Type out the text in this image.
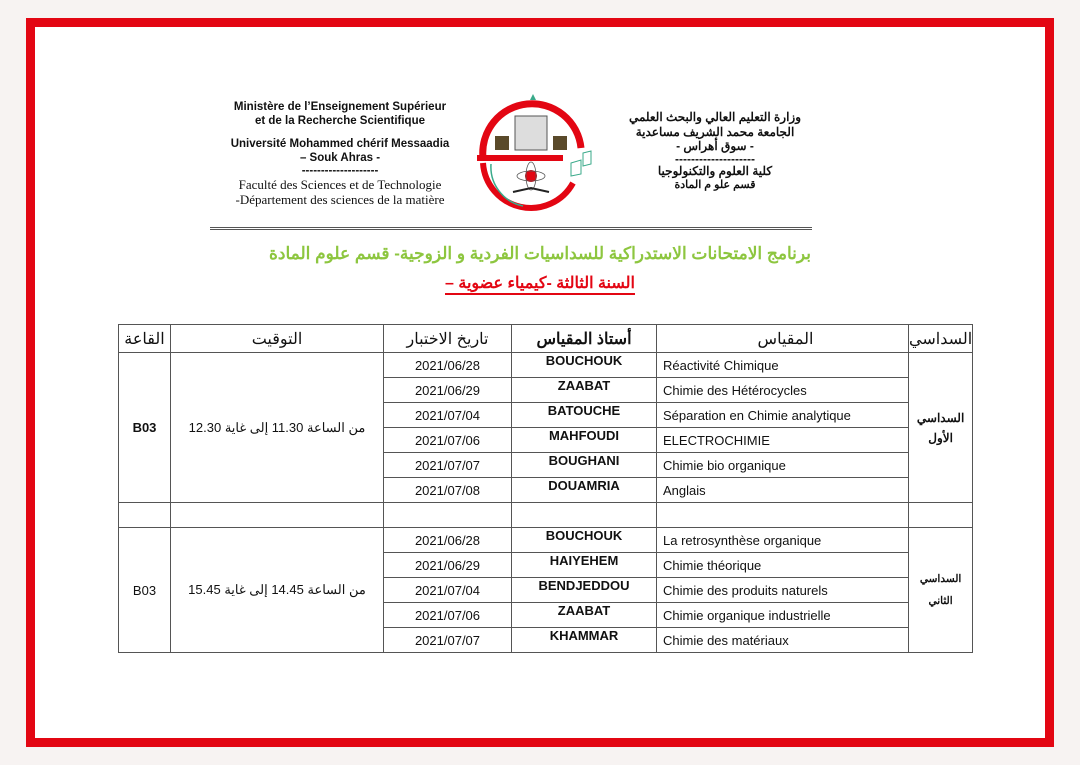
Ministère de l’Enseignement Supérieur
et de la Recherche Scientifique
Université Mohammed chérif Messaadia
– Souk Ahras -
--------------------
Faculté des Sciences et de Technologie
-Département des sciences de la matière
وزارة التعليم العالي والبحث العلمي
الجامعة محمد الشريف مساعدية
- سوق أهراس -
--------------------
كلية العلوم والتكنولوجيا
قسم علو م المادة
برنامج الامتحانات الاستدراكية للسداسيات الفردية و الزوجية- قسم علوم المادة
السنة الثالثة -كيمياء عضوية –
القاعة	التوقيت	تاريخ الاختبار	أستاذ المقياس	المقياس	السداسي
B03	من الساعة 11.30 إلى غاية 12.30	2021/06/28	BOUCHOUK	Réactivité Chimique	السداسي
الأول

		2021/06/29	ZAABAT	Chimie des Hétérocycles	
		2021/07/04	BATOUCHE	Séparation en Chimie analytique	
		2021/07/06	MAHFOUDI	ELECTROCHIMIE	
		2021/07/07	BOUGHANI	Chimie bio organique	
		2021/07/08	DOUAMRIA	Anglais	

B03	من الساعة 14.45 إلى غاية 15.45	2021/06/28	BOUCHOUK	La retrosynthèse organique	السداسي
الثاني

		2021/06/29	HAIYEHEM	Chimie théorique	
		2021/07/04	BENDJEDDOU	Chimie des produits naturels	
		2021/07/06	ZAABAT	Chimie organique industrielle	
		2021/07/07	KHAMMAR	Chimie des matériaux	
